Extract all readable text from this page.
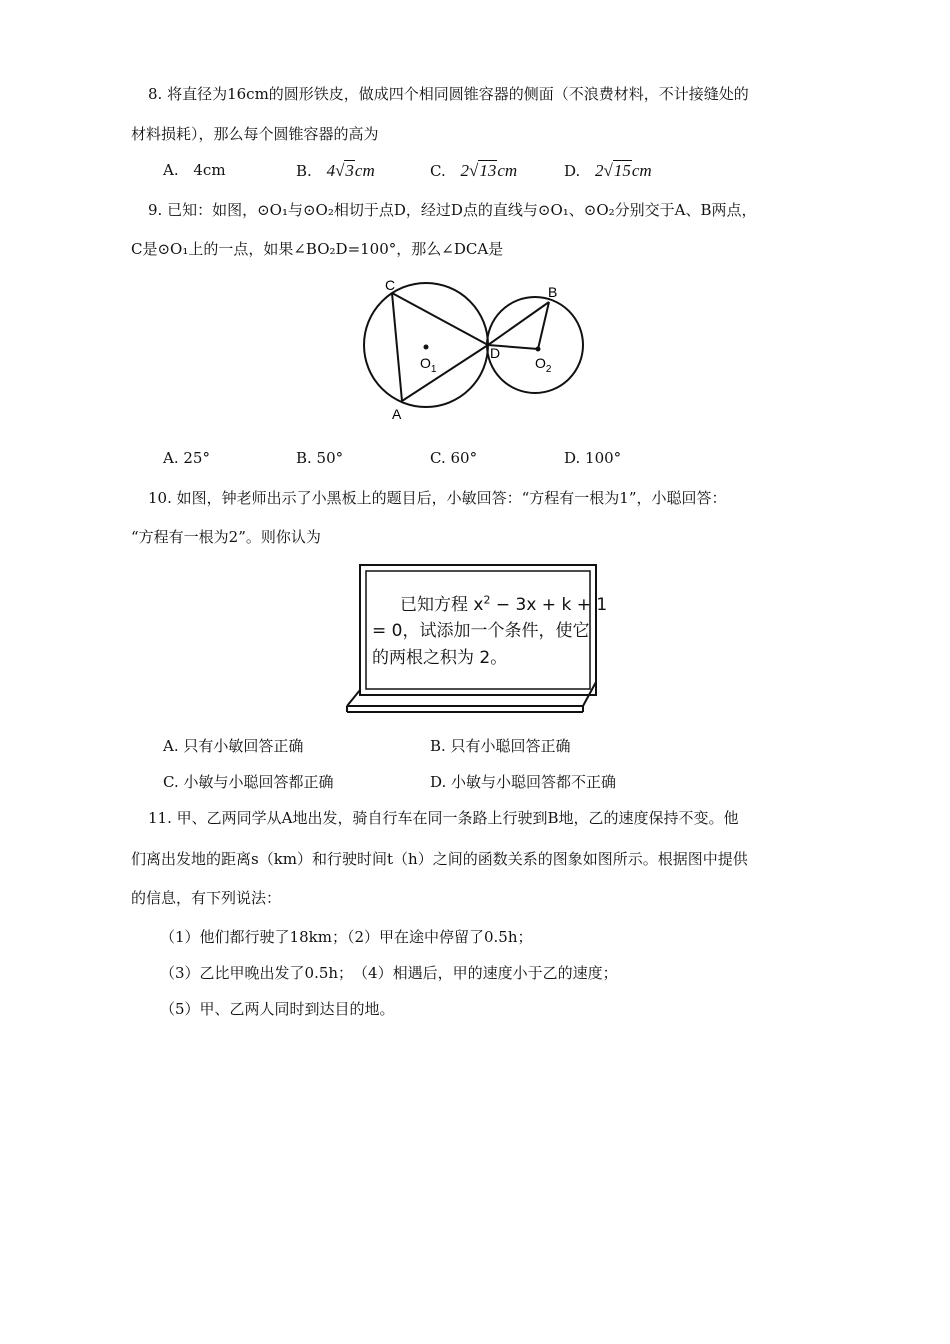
8. 将直径为16cm的圆形铁皮，做成四个相同圆锥容器的侧面（不浪费材料，不计接缝处的
材料损耗），那么每个圆锥容器的高为
A. 4cm	B. 4√3cm	C. 2√13cm	D. 2√15cm
9. 已知：如图，⊙O₁与⊙O₂相切于点D，经过D点的直线与⊙O₁、⊙O₂分别交于A、B两点，
C是⊙O₁上的一点，如果∠BO₂D=100°，那么∠DCA是
C
A
B
D
$O_1$	$O_2$
A. 25°	B. 50°	C. 60°	D. 100°
10. 如图，钟老师出示了小黑板上的题目后，小敏回答：“方程有一根为1”，小聪回答：
“方程有一根为2”。则你认为
已知方程 $x^2 - 3x + k + 1$
= 0，试添加一个条件，使它
的两根之积为 2。
A. 只有小敏回答正确	B. 只有小聪回答正确
C. 小敏与小聪回答都正确	D. 小敏与小聪回答都不正确
11. 甲、乙两同学从A地出发，骑自行车在同一条路上行驶到B地，乙的速度保持不变。他
们离出发地的距离s（km）和行驶时间t（h）之间的函数关系的图象如图所示。根据图中提供
的信息，有下列说法：
（1）他们都行驶了18km；（2）甲在途中停留了0.5h；
（3）乙比甲晚出发了0.5h；　（4）相遇后，甲的速度小于乙的速度；
（5）甲、乙两人同时到达目的地。
